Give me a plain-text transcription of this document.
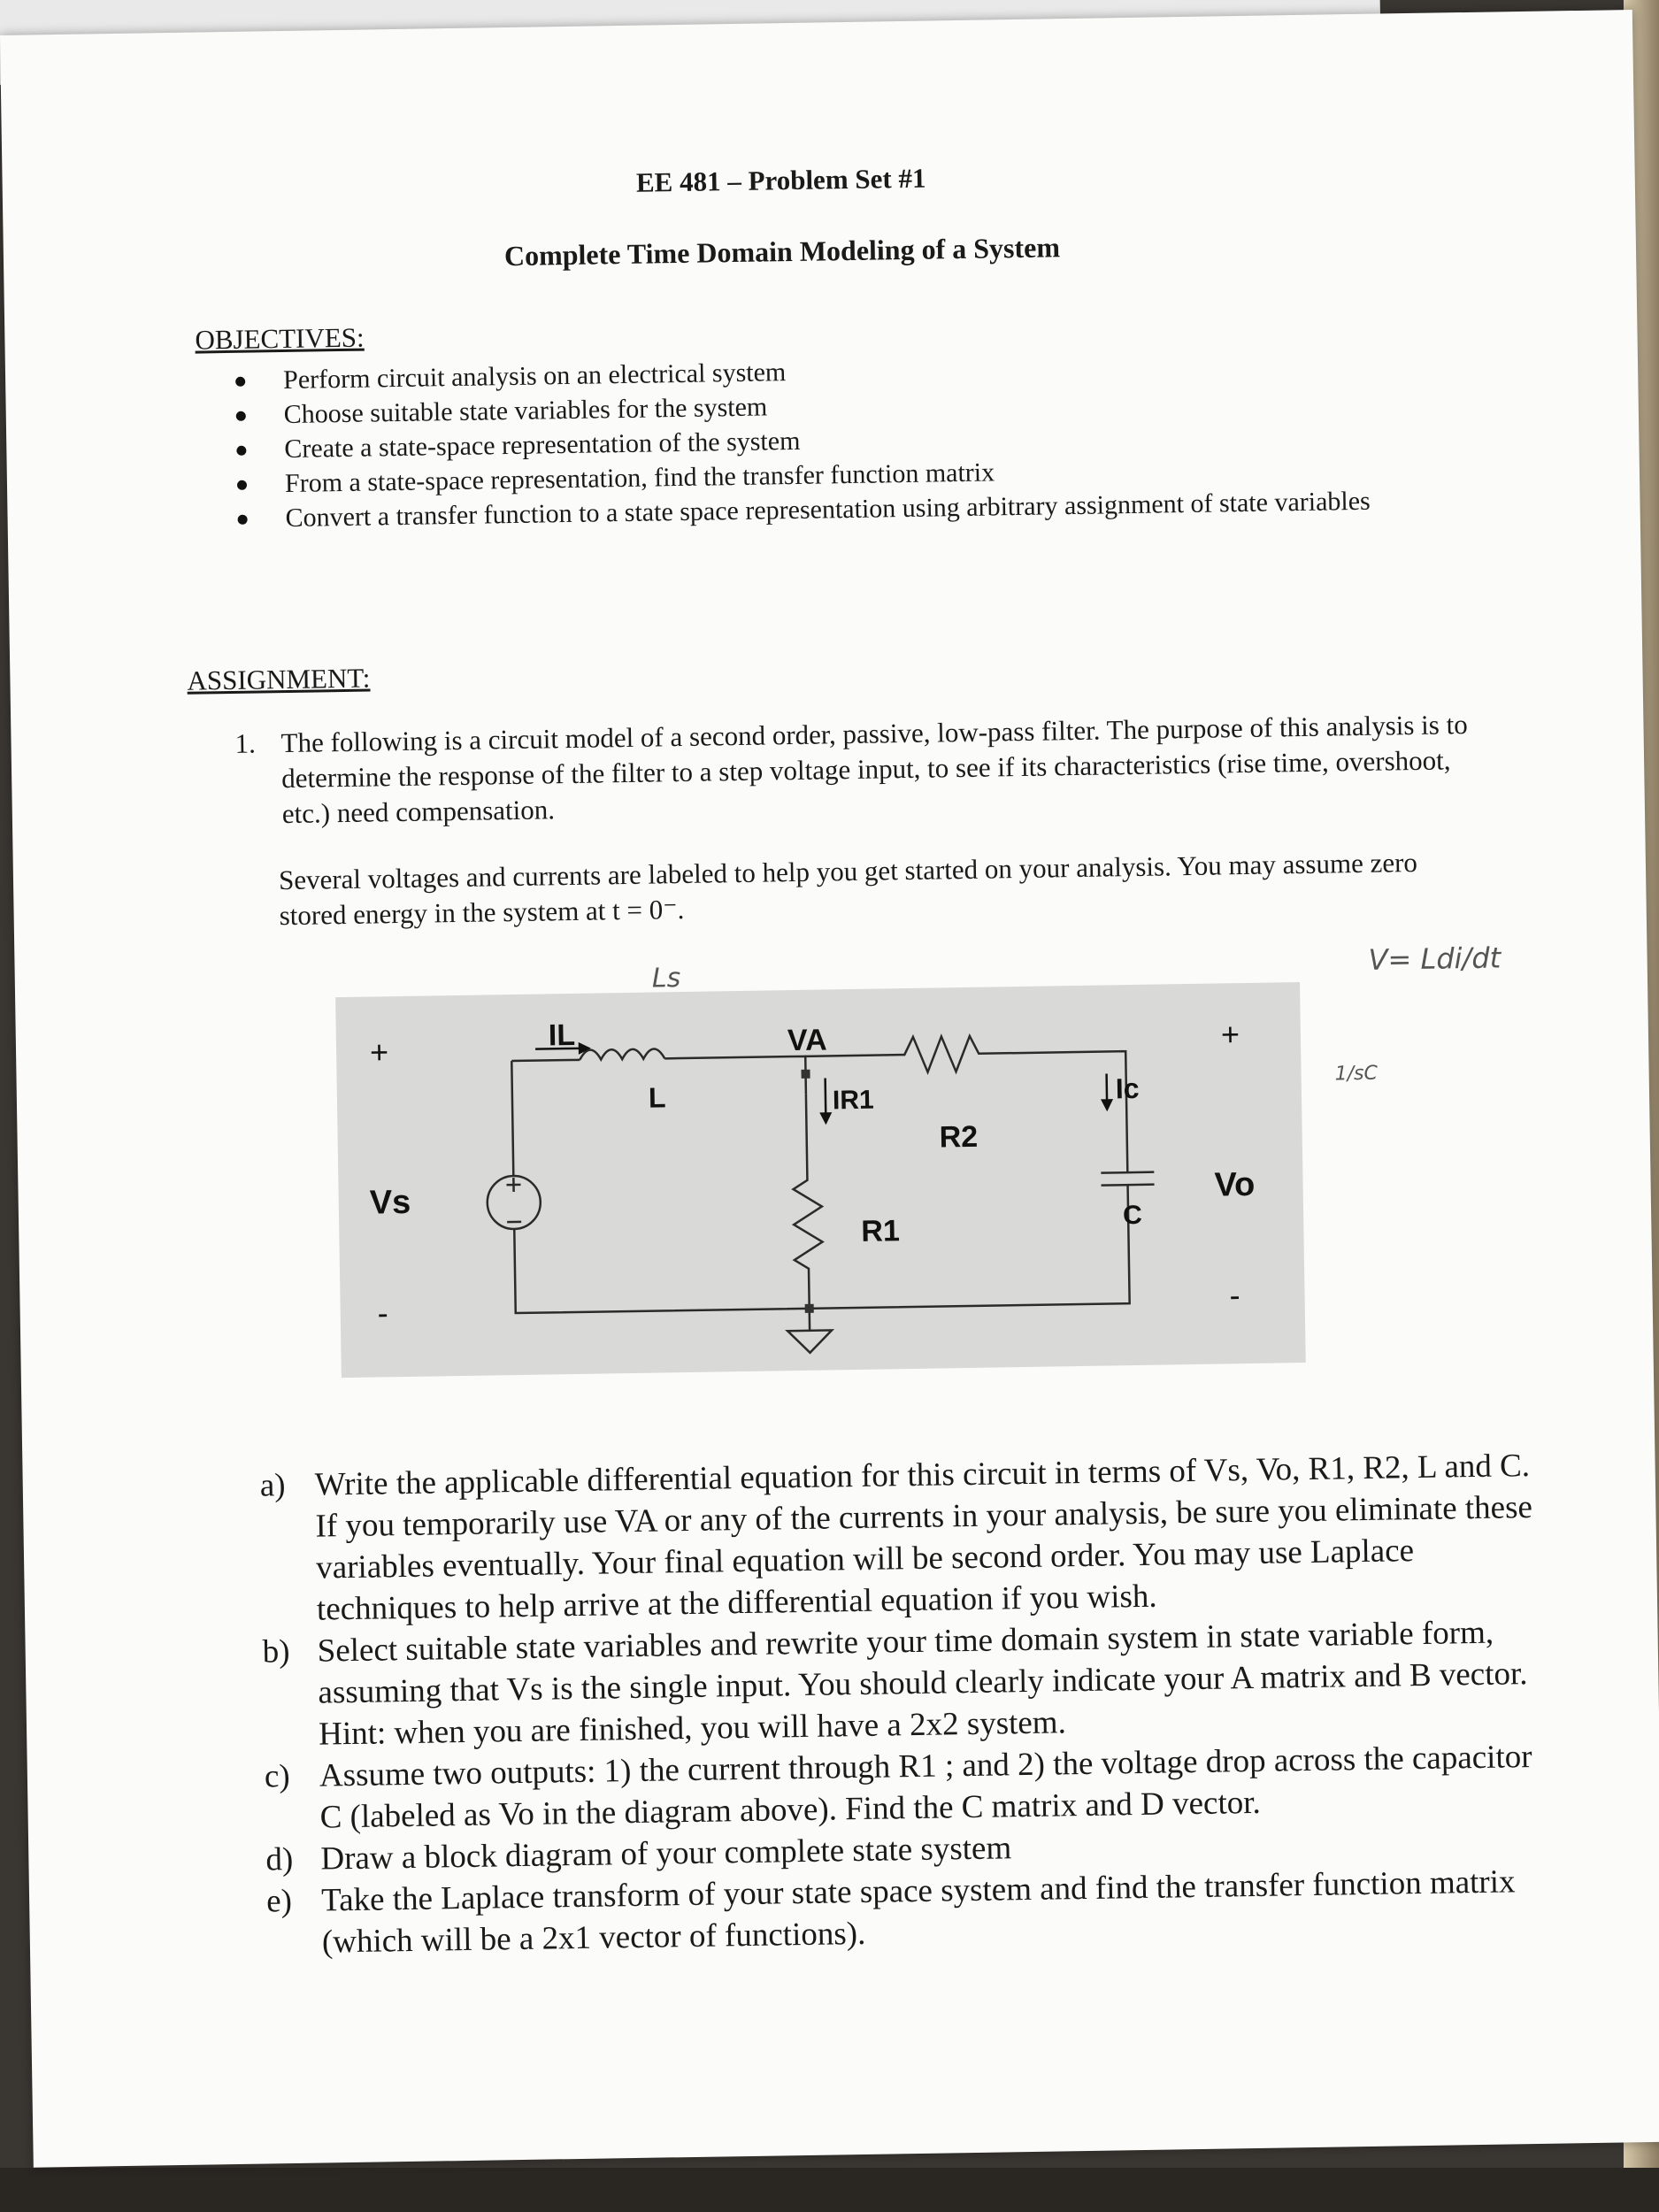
EE 481 – Problem Set #1
Complete Time Domain Modeling of a System
OBJECTIVES:
Perform circuit analysis on an electrical system
Choose suitable state variables for the system
Create a state-space representation of the system
From a state-space representation, find the transfer function matrix
Convert a transfer function to a state space representation using arbitrary assignment of state variables
ASSIGNMENT:
1. The following is a circuit model of a second order, passive, low-pass filter. The purpose of this analysis is to determine the response of the filter to a step voltage input, to see if its characteristics (rise time, overshoot, etc.) need compensation.
Several voltages and currents are labeled to help you get started on your analysis. You may assume zero stored energy in the system at t = 0⁻.
Ls
V= Ldi/dt
1/sC
IL	VA
IR1	Ic
L
R2
R1	C
Vs	Vo
+
-
+
-
a) Write the applicable differential equation for this circuit in terms of Vs, Vo, R1, R2, L and C. If you temporarily use VA or any of the currents in your analysis, be sure you eliminate these variables eventually. Your final equation will be second order. You may use Laplace techniques to help arrive at the differential equation if you wish.
b) Select suitable state variables and rewrite your time domain system in state variable form, assuming that Vs is the single input. You should clearly indicate your A matrix and B vector. Hint: when you are finished, you will have a 2x2 system.
c) Assume two outputs: 1) the current through R1 ; and 2) the voltage drop across the capacitor C (labeled as Vo in the diagram above). Find the C matrix and D vector.
d) Draw a block diagram of your complete state system
e) Take the Laplace transform of your state space system and find the transfer function matrix (which will be a 2x1 vector of functions).
